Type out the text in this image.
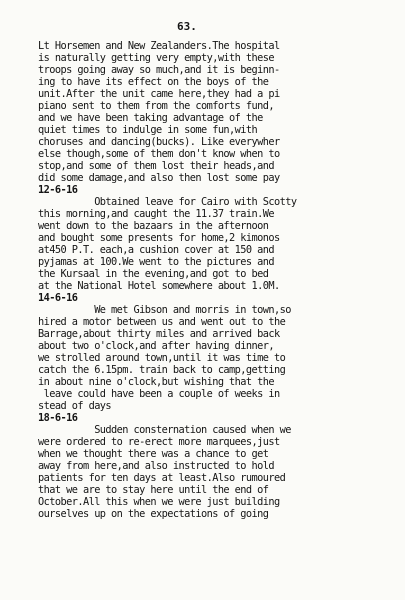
63.
Lt Horsemen and New Zealanders.The hospital
is naturally getting very empty,with these
troops going away so much,and it is beginn-
ing to have its effect on the boys of the
unit.After the unit came here,they had a pi
piano sent to them from the comforts fund,
and we have been taking advantage of the
quiet times to indulge in some fun,with
choruses and dancing(bucks). Like everywher
else though,some of them don't know when to
stop,and some of them lost their heads,and
did some damage,and also then lost some pay
12-6-16
Obtained leave for Cairo with Scotty
this morning,and caught the 11.37 train.We
went down to the bazaars in the afternoon
and bought some presents for home,2 kimonos
at450 P.T. each,a cushion cover at 150 and
pyjamas at 100.We went to the pictures and
the Kursaal in the evening,and got to bed
at the National Hotel somewhere about 1.0M.
14-6-16
We met Gibson and morris in town,so
hired a motor between us and went out to the
Barrage,about thirty miles and arrived back
about two o'clock,and after having dinner,
we strolled around town,until it was time to
catch the 6.15pm. train back to camp,getting
in about nine o'clock,but wishing that the
leave could have been a couple of weeks in
stead of days
18-6-16
Sudden consternation caused when we
were ordered to re-erect more marquees,just
when we thought there was a chance to get
away from here,and also instructed to hold
patients for ten days at least.Also rumoured
that we are to stay here until the end of
October.All this when we were just building
ourselves up on the expectations of going
